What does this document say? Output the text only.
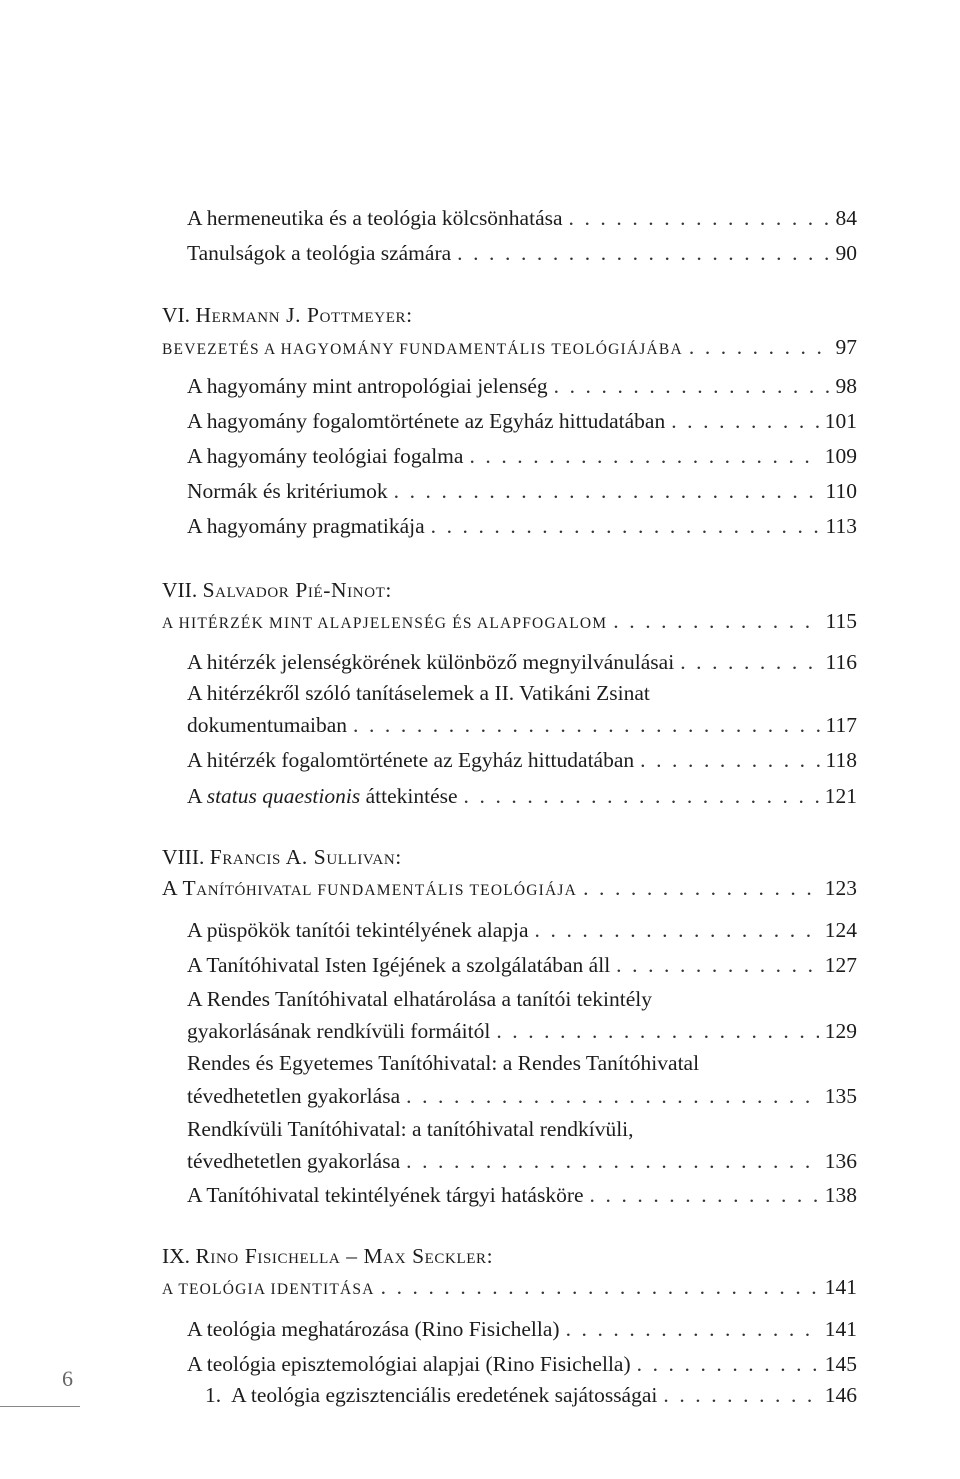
A hermeneutika és a teológia kölcsönhatása . . .	84
Tanulságok a teológia számára . . .	90
VI. Hermann J. Pottmeyer:
BEVEZETÉS A HAGYOMÁNY FUNDAMENTÁLIS TEOLÓGIÁJÁBA . . .	97
A hagyomány mint antropológiai jelenség . . .	98
A hagyomány fogalomtörténete az Egyház hittudatában . . .	101
A hagyomány teológiai fogalma . . .	109
Normák és kritériumok . . .	110
A hagyomány pragmatikája . . .	113
VII. Salvador Pié-Ninot:
A HITÉRZÉK MINT ALAPJELENSÉG ÉS ALAPFOGALOM . . .	115
A hitérzék jelenségkörének különböző megnyilvánulásai . . .	116
A hitérzékről szóló tanításelemek a II. Vatikáni Zsinat
dokumentumaiban . . .	117
A hitérzék fogalomtörténete az Egyház hittudatában . . .	118
A status quaestionis áttekintése . . .	121
VIII. Francis A. Sullivan:
A Tanítóhivatal FUNDAMENTÁLIS TEOLÓGIÁJA . . .	123
A püspökök tanítói tekintélyének alapja . . .	124
A Tanítóhivatal Isten Igéjének a szolgálatában áll . . .	127
A Rendes Tanítóhivatal elhatárolása a tanítói tekintély
gyakorlásának rendkívüli formáitól . . .	129
Rendes és Egyetemes Tanítóhivatal: a Rendes Tanítóhivatal
tévedhetetlen gyakorlása . . .	135
Rendkívüli Tanítóhivatal: a tanítóhivatal rendkívüli,
tévedhetetlen gyakorlása . . .	136
A Tanítóhivatal tekintélyének tárgyi hatásköre . . .	138
IX. Rino Fisichella – Max Seckler:
A TEOLÓGIA IDENTITÁSA . . .	141
A teológia meghatározása (Rino Fisichella) . . .	141
A teológia episztemológiai alapjai (Rino Fisichella) . . .	145
1. A teológia egzisztenciális eredetének sajátosságai . . .	146
6
